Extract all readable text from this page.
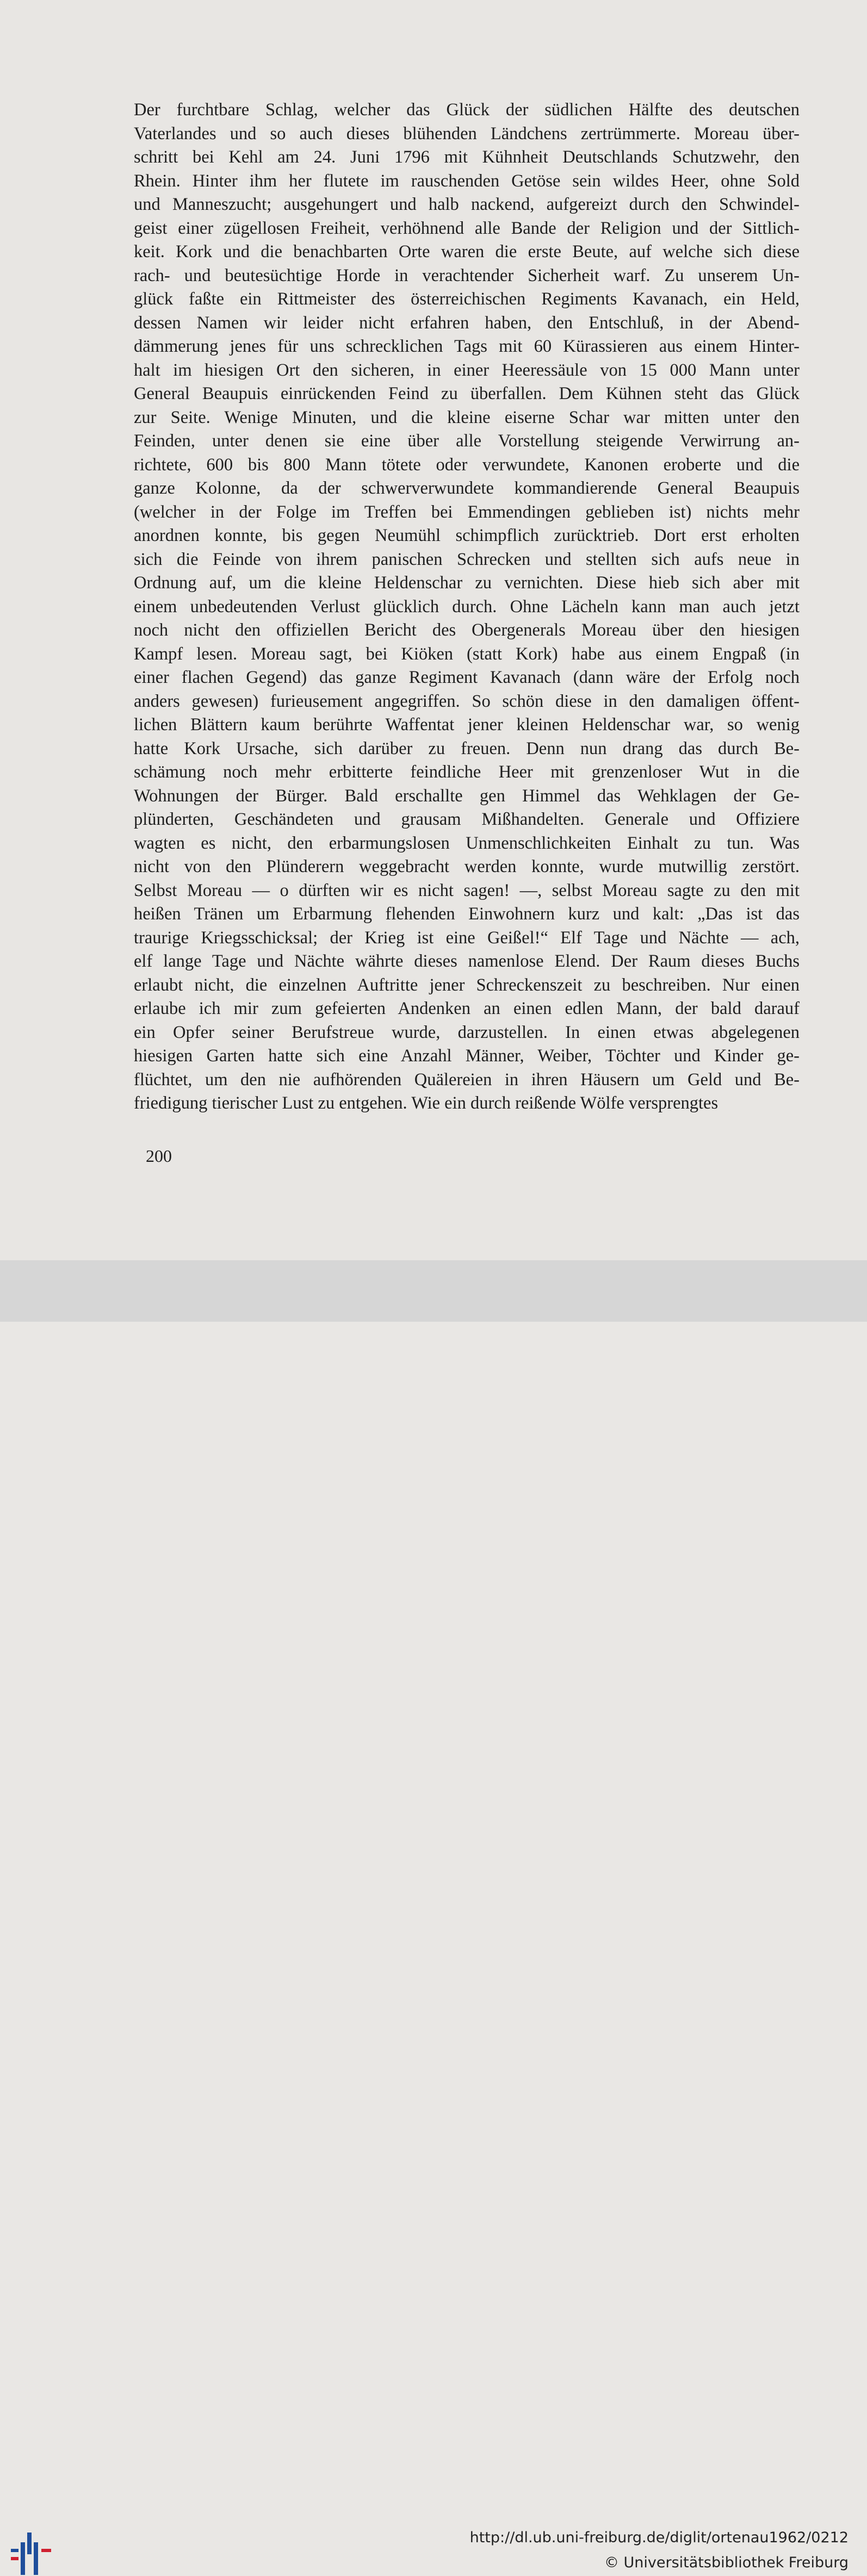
Der furchtbare Schlag, welcher das Glück der südlichen Hälfte des deutschen
Vaterlandes und so auch dieses blühenden Ländchens zertrümmerte. Moreau über-
schritt bei Kehl am 24. Juni 1796 mit Kühnheit Deutschlands Schutzwehr, den
Rhein. Hinter ihm her flutete im rauschenden Getöse sein wildes Heer, ohne Sold
und Manneszucht; ausgehungert und halb nackend, aufgereizt durch den Schwindel-
geist einer zügellosen Freiheit, verhöhnend alle Bande der Religion und der Sittlich-
keit. Kork und die benachbarten Orte waren die erste Beute, auf welche sich diese
rach- und beutesüchtige Horde in verachtender Sicherheit warf. Zu unserem Un-
glück faßte ein Rittmeister des österreichischen Regiments Kavanach, ein Held,
dessen Namen wir leider nicht erfahren haben, den Entschluß, in der Abend-
dämmerung jenes für uns schrecklichen Tags mit 60 Kürassieren aus einem Hinter-
halt im hiesigen Ort den sicheren, in einer Heeressäule von 15 000 Mann unter
General Beaupuis einrückenden Feind zu überfallen. Dem Kühnen steht das Glück
zur Seite. Wenige Minuten, und die kleine eiserne Schar war mitten unter den
Feinden, unter denen sie eine über alle Vorstellung steigende Verwirrung an-
richtete, 600 bis 800 Mann tötete oder verwundete, Kanonen eroberte und die
ganze Kolonne, da der schwerverwundete kommandierende General Beaupuis
(welcher in der Folge im Treffen bei Emmendingen geblieben ist) nichts mehr
anordnen konnte, bis gegen Neumühl schimpflich zurücktrieb. Dort erst erholten
sich die Feinde von ihrem panischen Schrecken und stellten sich aufs neue in
Ordnung auf, um die kleine Heldenschar zu vernichten. Diese hieb sich aber mit
einem unbedeutenden Verlust glücklich durch. Ohne Lächeln kann man auch jetzt
noch nicht den offiziellen Bericht des Obergenerals Moreau über den hiesigen
Kampf lesen. Moreau sagt, bei Kiöken (statt Kork) habe aus einem Engpaß (in
einer flachen Gegend) das ganze Regiment Kavanach (dann wäre der Erfolg noch
anders gewesen) furieusement angegriffen. So schön diese in den damaligen öffent-
lichen Blättern kaum berührte Waffentat jener kleinen Heldenschar war, so wenig
hatte Kork Ursache, sich darüber zu freuen. Denn nun drang das durch Be-
schämung noch mehr erbitterte feindliche Heer mit grenzenloser Wut in die
Wohnungen der Bürger. Bald erschallte gen Himmel das Wehklagen der Ge-
plünderten, Geschändeten und grausam Mißhandelten. Generale und Offiziere
wagten es nicht, den erbarmungslosen Unmenschlichkeiten Einhalt zu tun. Was
nicht von den Plünderern weggebracht werden konnte, wurde mutwillig zerstört.
Selbst Moreau — o dürften wir es nicht sagen! —, selbst Moreau sagte zu den mit
heißen Tränen um Erbarmung flehenden Einwohnern kurz und kalt: „Das ist das
traurige Kriegsschicksal; der Krieg ist eine Geißel!“ Elf Tage und Nächte — ach,
elf lange Tage und Nächte währte dieses namenlose Elend. Der Raum dieses Buchs
erlaubt nicht, die einzelnen Auftritte jener Schreckenszeit zu beschreiben. Nur einen
erlaube ich mir zum gefeierten Andenken an einen edlen Mann, der bald darauf
ein Opfer seiner Berufstreue wurde, darzustellen. In einen etwas abgelegenen
hiesigen Garten hatte sich eine Anzahl Männer, Weiber, Töchter und Kinder ge-
flüchtet, um den nie aufhörenden Quälereien in ihren Häusern um Geld und Be-
friedigung tierischer Lust zu entgehen. Wie ein durch reißende Wölfe versprengtes
200
http://dl.ub.uni-freiburg.de/diglit/ortenau1962/0212
© Universitätsbibliothek Freiburg
